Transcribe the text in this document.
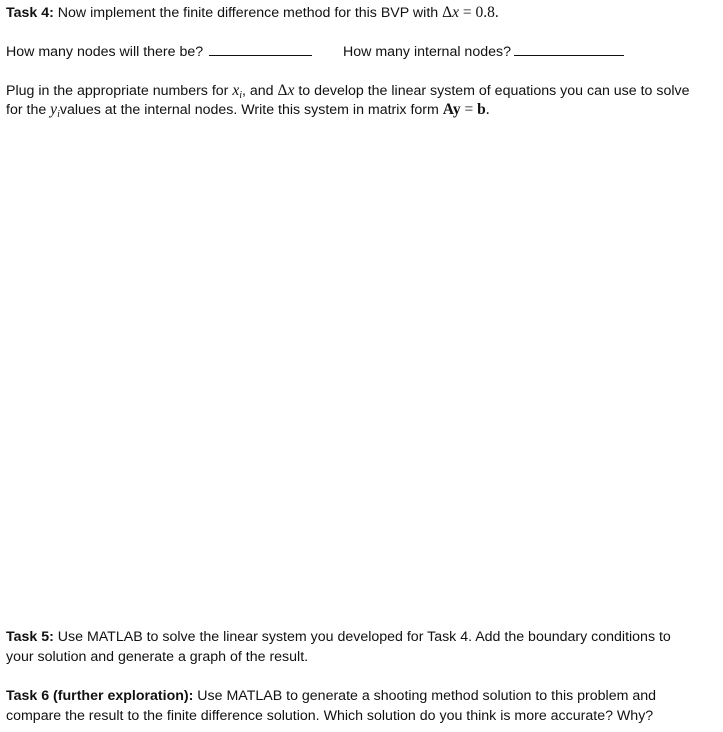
Task 4: Now implement the finite difference method for this BVP with Δx = 0.8.
How many nodes will there be?	How many internal nodes?
Plug in the appropriate numbers for $x_i$, and Δx to develop the linear system of equations you can use to solve
for the $y_ivalues$ at the internal nodes. Write this system in matrix form Ay = b.
Task 5: Use MATLAB to solve the linear system you developed for Task 4. Add the boundary conditions to
your solution and generate a graph of the result.
Task 6 (further exploration): Use MATLAB to generate a shooting method solution to this problem and
compare the result to the finite difference solution. Which solution do you think is more accurate? Why?
